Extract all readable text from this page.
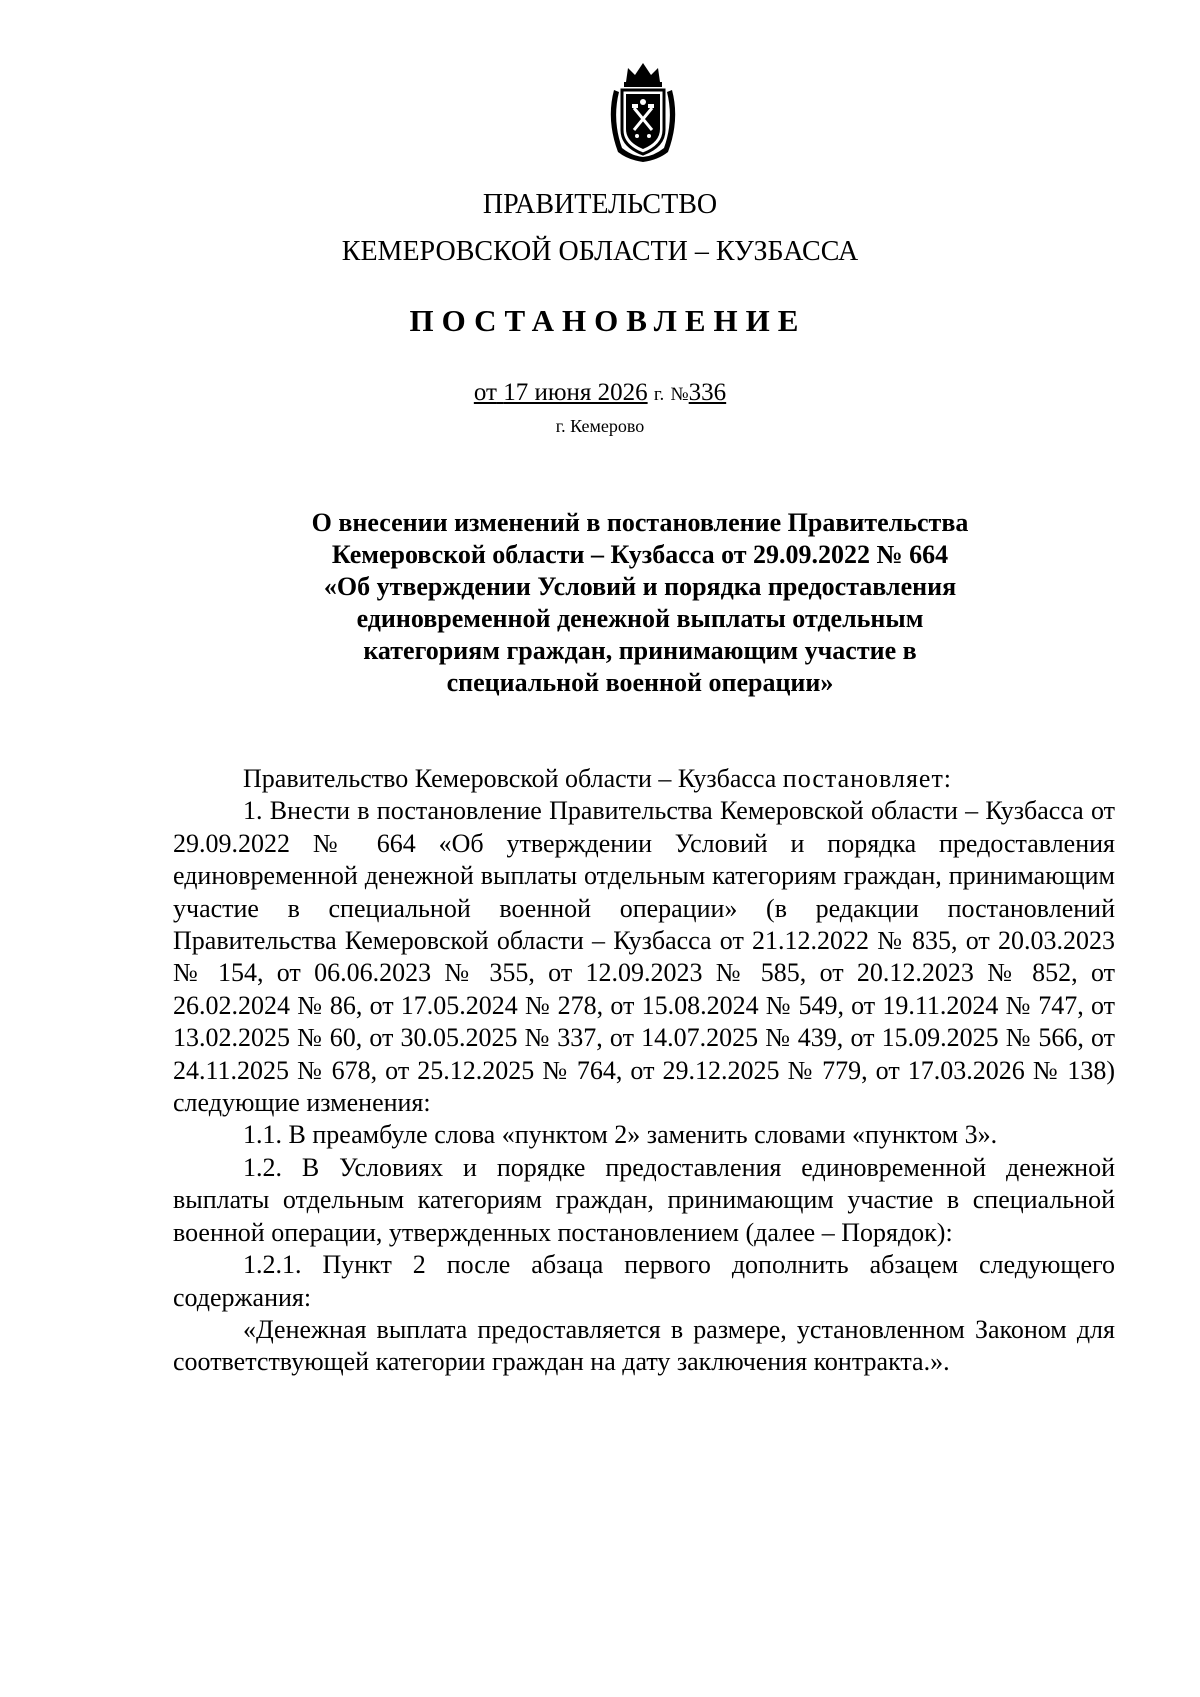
ПРАВИТЕЛЬСТВО
КЕМЕРОВСКОЙ ОБЛАСТИ – КУЗБАССА
ПОСТАНОВЛЕНИЕ
от 17 июня 2026 г. №336
г. Кемерово
О внесении изменений в постановление Правительства
Кемеровской области – Кузбасса от 29.09.2022 № 664
«Об утверждении Условий и порядка предоставления
единовременной денежной выплаты отдельным
категориям граждан, принимающим участие в
специальной военной операции»

Правительство Кемеровской области – Кузбасса постановляет:

1. Внести в постановление Правительства Кемеровской области – Кузбасса от 29.09.2022 № 664 «Об утверждении Условий и порядка предоставления единовременной денежной выплаты отдельным категориям граждан, принимающим участие в специальной военной операции» (в редакции постановлений Правительства Кемеровской области – Кузбасса от 21.12.2022 № 835, от 20.03.2023 № 154, от 06.06.2023 № 355, от 12.09.2023 № 585, от 20.12.2023 № 852, от 26.02.2024 № 86, от 17.05.2024 № 278, от 15.08.2024 № 549, от 19.11.2024 № 747, от 13.02.2025 № 60, от 30.05.2025 № 337, от 14.07.2025 № 439, от 15.09.2025 № 566, от 24.11.2025 № 678, от 25.12.2025 № 764, от 29.12.2025 № 779, от 17.03.2026 № 138) следующие изменения:

1.1. В преамбуле слова «пунктом 2» заменить словами «пунктом 3».

1.2. В Условиях и порядке предоставления единовременной денежной выплаты отдельным категориям граждан, принимающим участие в специальной военной операции, утвержденных постановлением (далее – Порядок):

1.2.1. Пункт 2 после абзаца первого дополнить абзацем следующего содержания:

«Денежная выплата предоставляется в размере, установленном Законом для соответствующей категории граждан на дату заключения контракта.».
